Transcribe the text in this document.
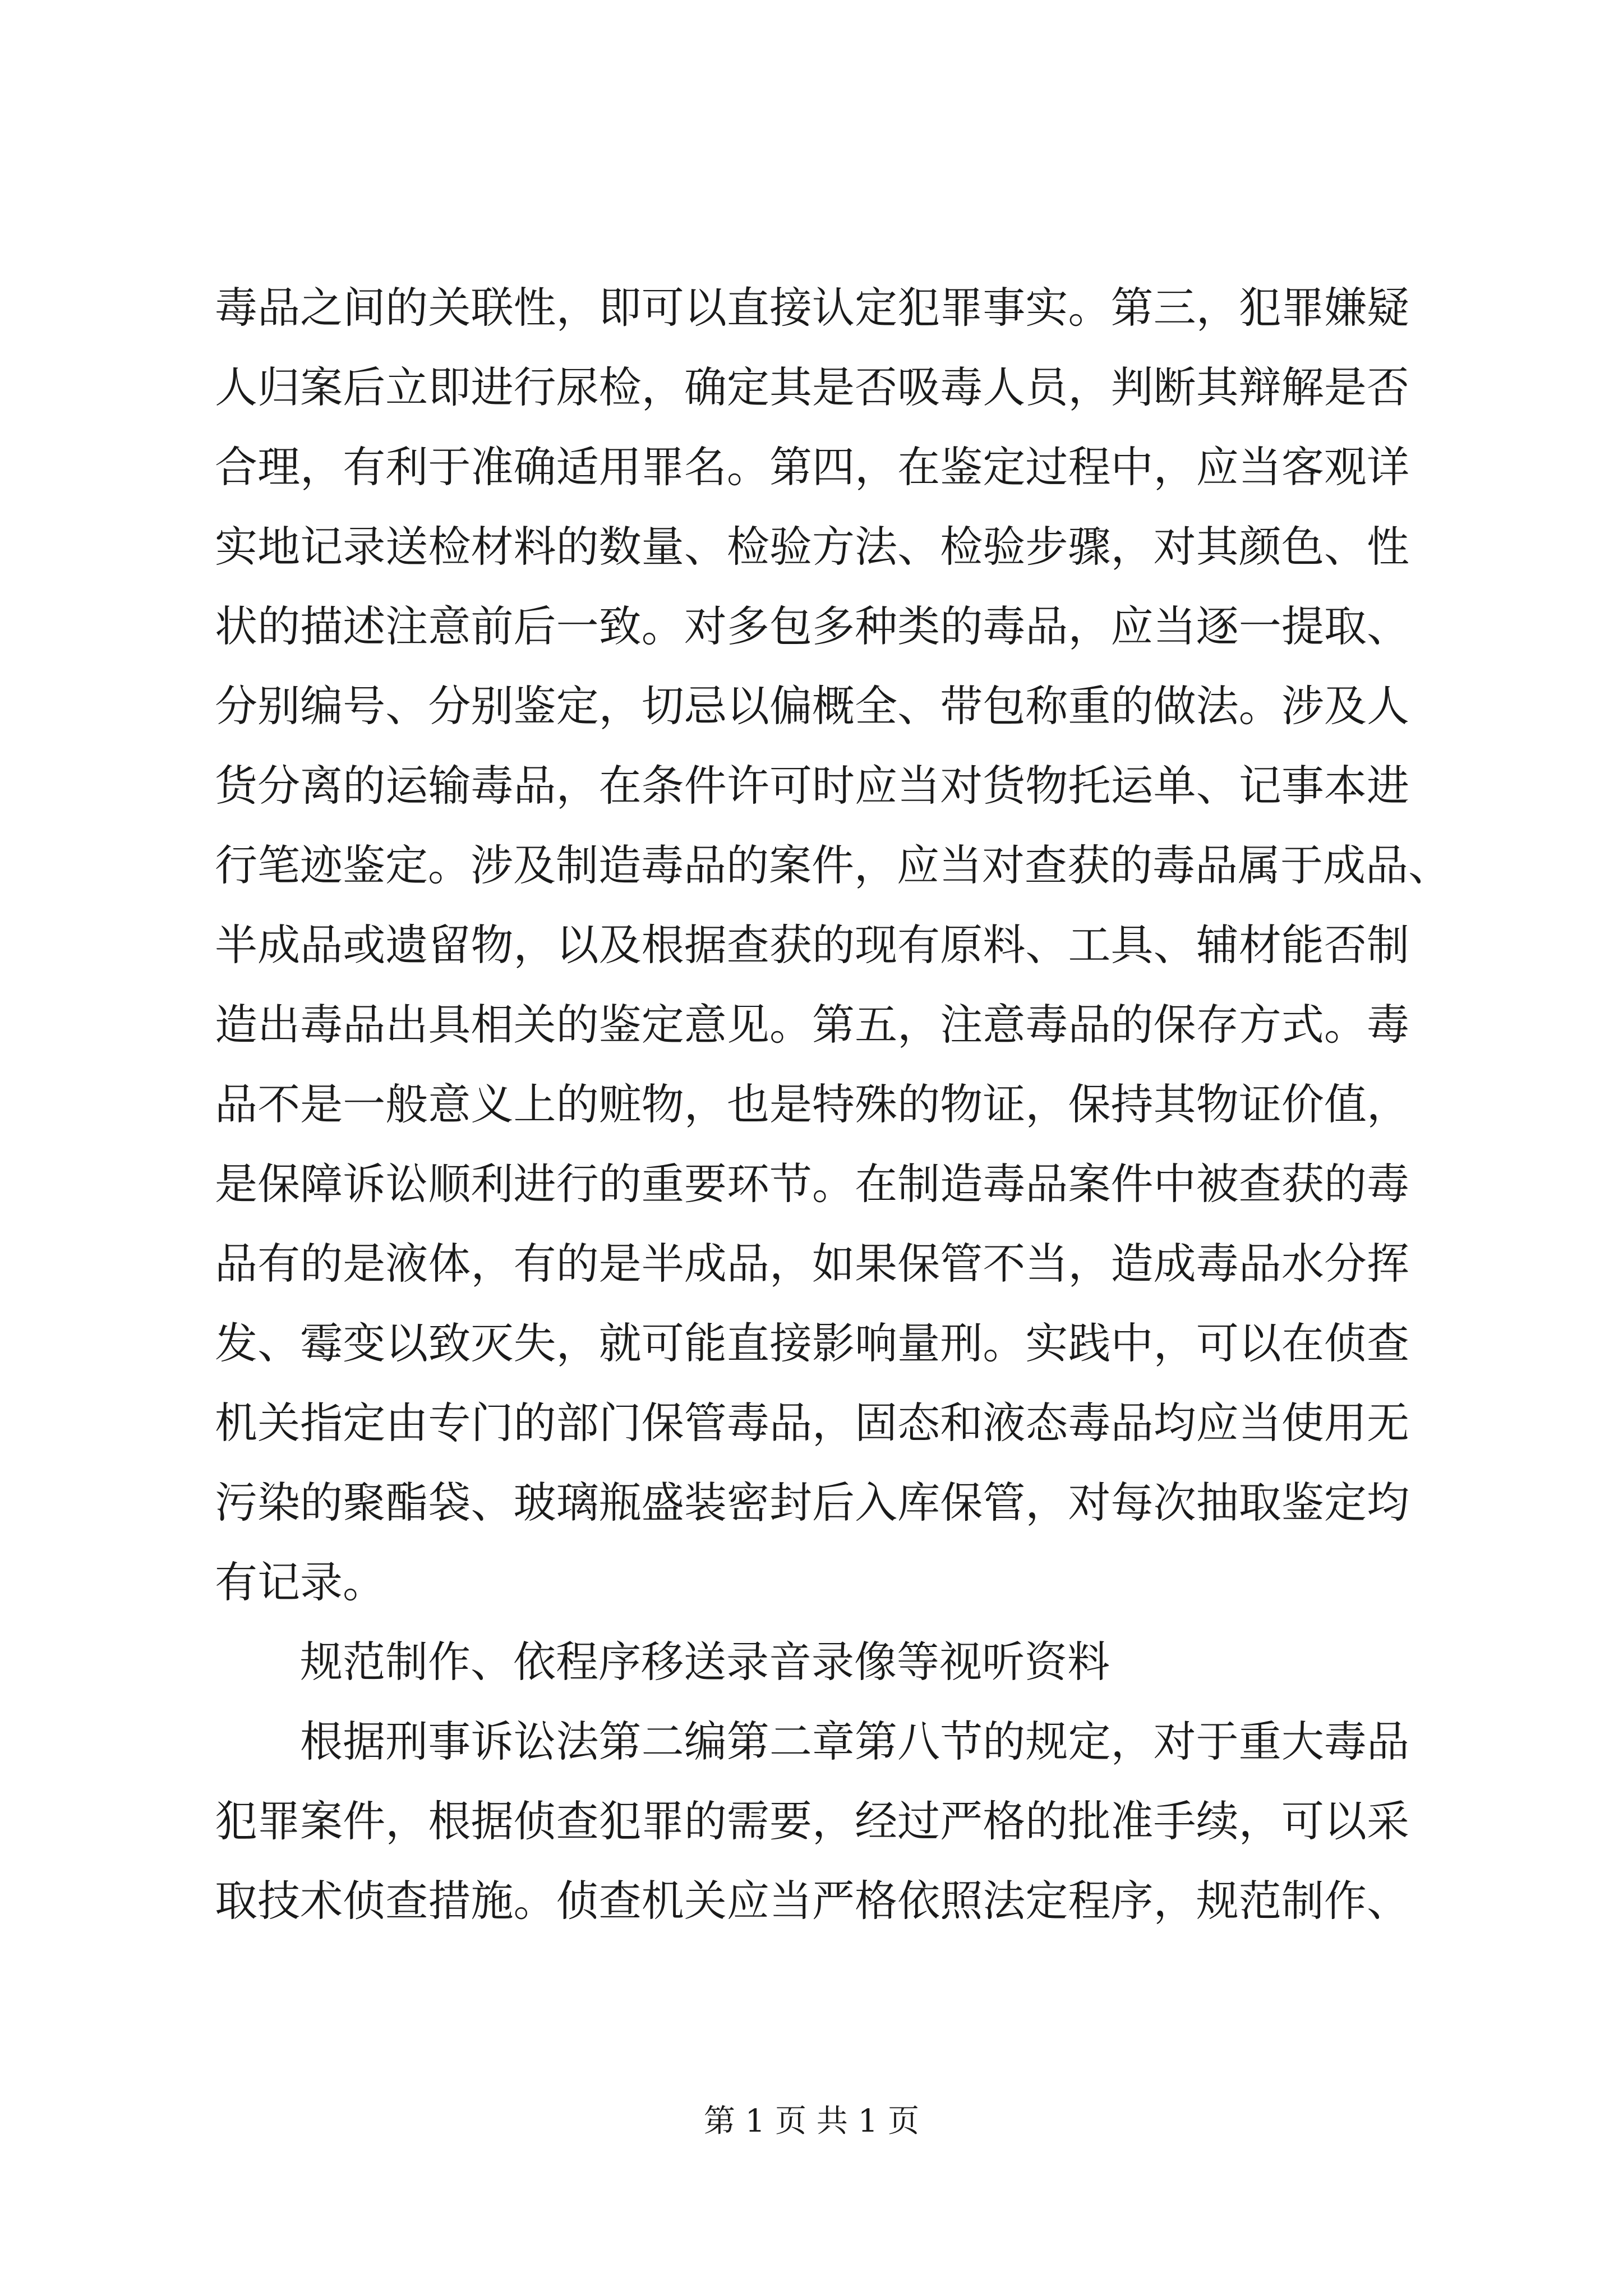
毒品之间的关联性，即可以直接认定犯罪事实。第三，犯罪嫌疑
人归案后立即进行尿检，确定其是否吸毒人员，判断其辩解是否
合理，有利于准确适用罪名。第四，在鉴定过程中，应当客观详
实地记录送检材料的数量、检验方法、检验步骤，对其颜色、性
状的描述注意前后一致。对多包多种类的毒品，应当逐一提取、
分别编号、分别鉴定，切忌以偏概全、带包称重的做法。涉及人
货分离的运输毒品，在条件许可时应当对货物托运单、记事本进
行笔迹鉴定。涉及制造毒品的案件，应当对查获的毒品属于成品、
半成品或遗留物，以及根据查获的现有原料、工具、辅材能否制
造出毒品出具相关的鉴定意见。第五，注意毒品的保存方式。毒
品不是一般意义上的赃物，也是特殊的物证，保持其物证价值，
是保障诉讼顺利进行的重要环节。在制造毒品案件中被查获的毒
品有的是液体，有的是半成品，如果保管不当，造成毒品水分挥
发、霉变以致灭失，就可能直接影响量刑。实践中，可以在侦查
机关指定由专门的部门保管毒品，固态和液态毒品均应当使用无
污染的聚酯袋、玻璃瓶盛装密封后入库保管，对每次抽取鉴定均
有记录。
规范制作、依程序移送录音录像等视听资料
根据刑事诉讼法第二编第二章第八节的规定，对于重大毒品
犯罪案件，根据侦查犯罪的需要，经过严格的批准手续，可以采
取技术侦查措施。侦查机关应当严格依照法定程序，规范制作、
第 1 页 共 1 页
